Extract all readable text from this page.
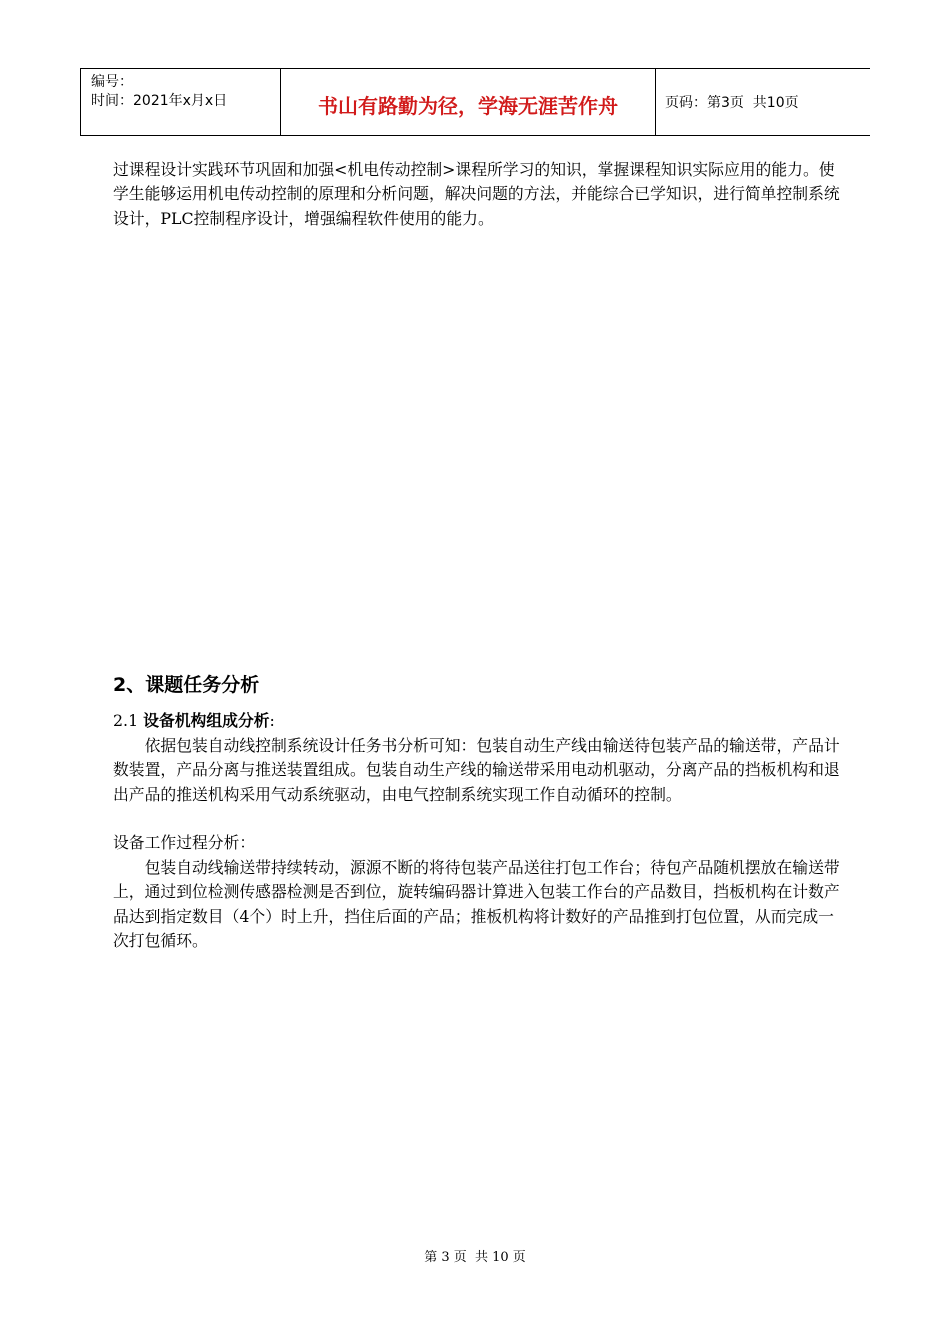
编号：
时间：2021年x月x日	书山有路勤为径，学海无涯苦作舟	页码：第3页  共10页

过课程设计实践环节巩固和加强<机电传动控制>课程所学习的知识，掌握课程知识实际应用的能力。使学生能够运用机电传动控制的原理和分析问题，解决问题的方法，并能综合已学知识，进行简单控制系统设计，PLC控制程序设计，增强编程软件使用的能力。

2、课题任务分析

2.1 设备机构组成分析:

依据包装自动线控制系统设计任务书分析可知：包装自动生产线由输送待包装产品的输送带，产品计数装置，产品分离与推送装置组成。包装自动生产线的输送带采用电动机驱动，分离产品的挡板机构和退出产品的推送机构采用气动系统驱动，由电气控制系统实现工作自动循环的控制。

设备工作过程分析：

包装自动线输送带持续转动，源源不断的将待包装产品送往打包工作台；待包产品随机摆放在输送带上，通过到位检测传感器检测是否到位，旋转编码器计算进入包装工作台的产品数目，挡板机构在计数产品达到指定数目（4个）时上升，挡住后面的产品；推板机构将计数好的产品推到打包位置，从而完成一次打包循环。

第 3 页  共 10 页
